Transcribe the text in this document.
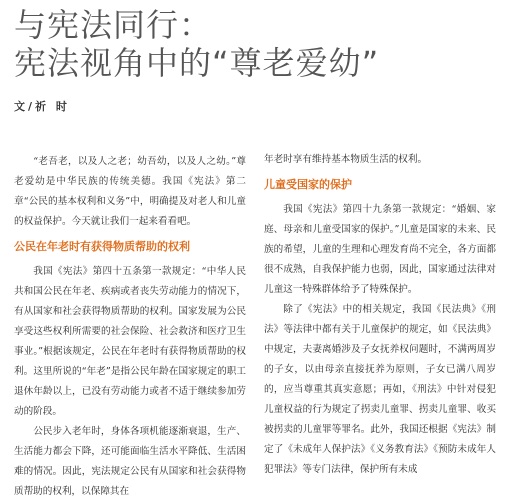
与宪法同行：
宪法视角中的“尊老爱幼”
文/祈 时

“老吾老，以及人之老；幼吾幼，以及人之幼。”尊老爱幼是中华民族的传统美德。我国《宪法》第二章“公民的基本权利和义务”中，明确提及对老人和儿童的权益保护。今天就让我们一起来看看吧。

公民在年老时有获得物质帮助的权利

我国《宪法》第四十五条第一款规定：“中华人民共和国公民在年老、疾病或者丧失劳动能力的情况下，有从国家和社会获得物质帮助的权利。国家发展为公民享受这些权利所需要的社会保险、社会救济和医疗卫生事业。”根据该规定，公民在年老时有获得物质帮助的权利。这里所说的“年老”是指公民年龄在国家规定的职工退休年龄以上，已没有劳动能力或者不适于继续参加劳动的阶段。

公民步入老年时，身体各项机能逐渐衰退，生产、生活能力都会下降，还可能面临生活水平降低、生活困难的情况。因此，宪法规定公民有从国家和社会获得物质帮助的权利，以保障其在

年老时享有维持基本物质生活的权利。

儿童受国家的保护

我国《宪法》第四十九条第一款规定：“婚姻、家庭、母亲和儿童受国家的保护。”儿童是国家的未来、民族的希望，儿童的生理和心理发育尚不完全，各方面都很不成熟，自我保护能力也弱，因此，国家通过法律对儿童这一特殊群体给予了特殊保护。

除了《宪法》中的相关规定，我国《民法典》《刑法》等法律中都有关于儿童保护的规定，如《民法典》中规定，夫妻离婚涉及子女抚养权问题时，不满两周岁的子女，以由母亲直接抚养为原则，子女已满八周岁的，应当尊重其真实意愿；再如，《刑法》中针对侵犯儿童权益的行为规定了拐卖儿童罪、拐卖儿童罪、收买被拐卖的儿童罪等罪名。此外，我国还根据《宪法》制定了《未成年人保护法》《义务教育法》《预防未成年人犯罪法》等专门法律，保护所有未成
